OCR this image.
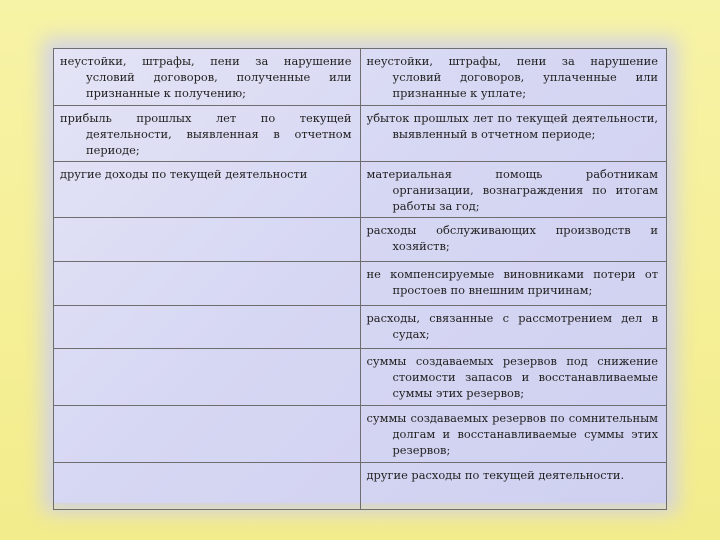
неустойки, штрафы, пени за нарушение условий договоров, полученные или признанные к получению;	неустойки, штрафы, пени за нарушение условий договоров, уплаченные или признанные к уплате;

прибыль прошлых лет по текущей деятельности, выявленная в отчетном периоде;	убыток прошлых лет по текущей деятельности, выявленный в отчетном периоде;

другие доходы по текущей деятельности	материальная помощь работникам организации, вознаграждения по итогам работы за год;

	расходы обслуживающих производств и хозяйств;

	не компенсируемые виновниками потери от простоев по внешним причинам;

	расходы, связанные с рассмотрением дел в судах;

	суммы создаваемых резервов под снижение стоимости запасов и восстанавливаемые суммы этих резервов;

	суммы создаваемых резервов по сомнительным долгам и восстанавливаемые суммы этих резервов;

	другие расходы по текущей деятельности.
